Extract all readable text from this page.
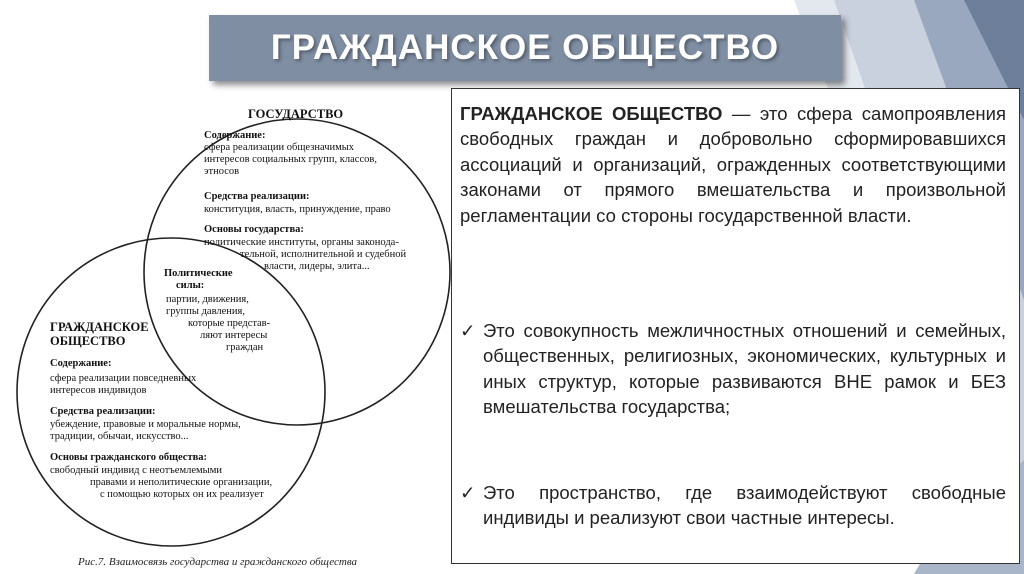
ГРАЖДАНСКОЕ ОБЩЕСТВО
ГОСУДАРСТВО
Содержание:
сфера реализации общезначимых
интересов социальных групп, классов,
этносов
Средства реализации:
конституция, власть, принуждение, право
Основы государства:
политические институты, органы законода-
тельной, исполнительной и судебной
власти, лидеры, элита...
Политические
силы:
партии, движения,
группы давления,
которые предстaв-
ляют интересы
граждан
ГРАЖДАНСКОЕ
ОБЩЕСТВО
Содержание:
сфера реализации повседневных
интересов индивидов
Средства реализации:
убеждение, правовые и моральные нормы,
традиции, обычаи, искусство...
Основы гражданского общества:
свободный индивид с неотъемлемыми
правами и неполитические организации,
с помощью которых он их реализует
Рис.7. Взаимосвязь государства и гражданского общества
ГРАЖДАНСКОЕ ОБЩЕСТВО — это сфера самопроявления свободных граждан и добровольно сформировавшихся ассоциаций и организаций, огражденных соответствующими законами от прямого вмешательства и произвольной регламентации со стороны государственной власти.
✓ Это совокупность межличностных отношений и семейных, общественных, религиозных, экономических, культурных и иных структур, которые развиваются ВНЕ рамок и БЕЗ вмешательства государства;
✓ Это пространство, где взаимодействуют свободные индивиды и реализуют свои частные интересы.
